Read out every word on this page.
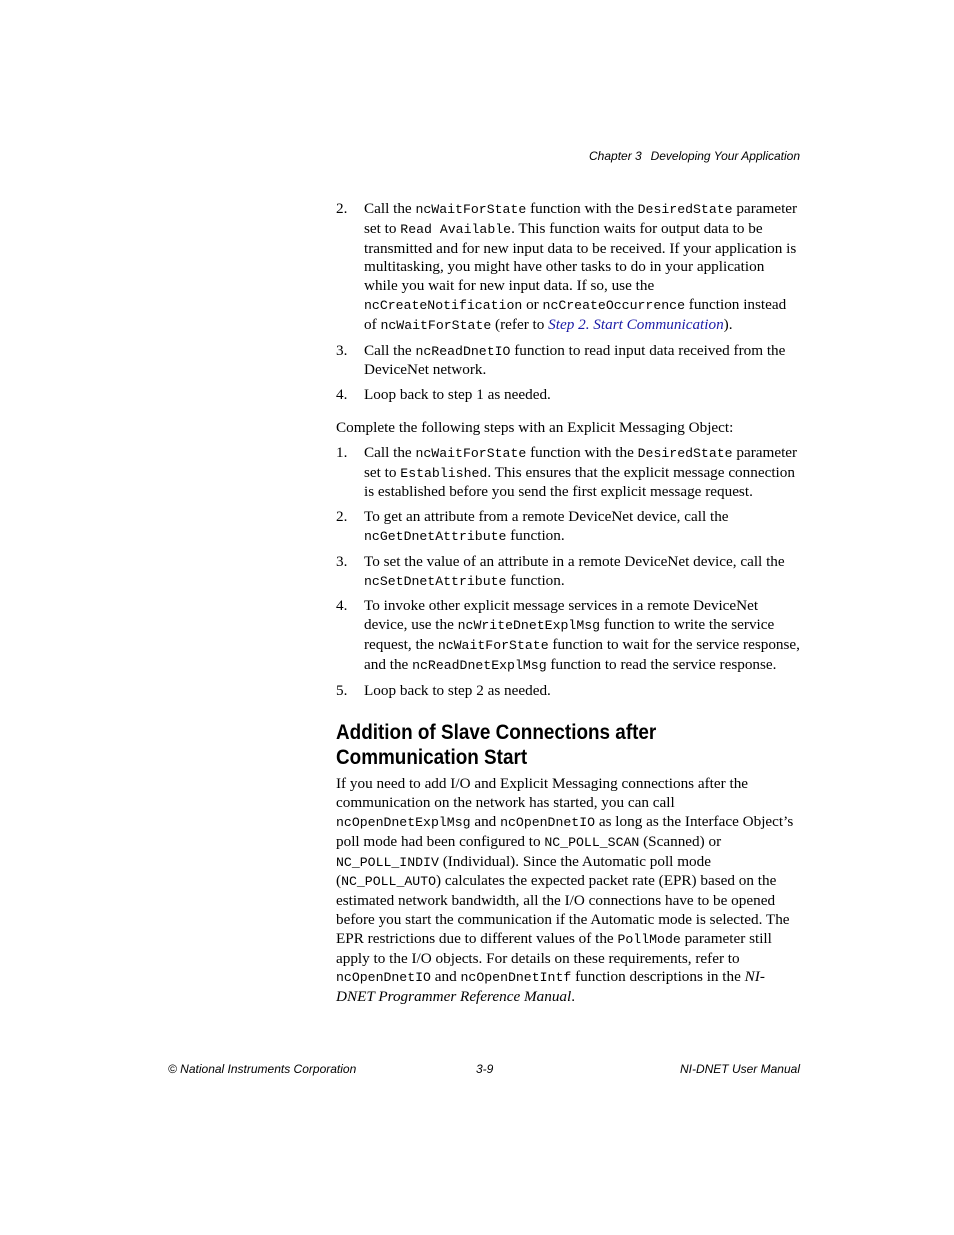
Chapter 3 Developing Your Application
2. Call the ncWaitForState function with the DesiredState parameter set to Read Available. This function waits for output data to be transmitted and for new input data to be received. If your application is multitasking, you might have other tasks to do in your application while you wait for new input data. If so, use the ncCreateNotification or ncCreateOccurrence function instead of ncWaitForState (refer to Step 2. Start Communication).
3. Call the ncReadDnetIO function to read input data received from the DeviceNet network.
4. Loop back to step 1 as needed.

Complete the following steps with an Explicit Messaging Object:

1. Call the ncWaitForState function with the DesiredState parameter set to Established. This ensures that the explicit message connection is established before you send the first explicit message request.
2. To get an attribute from a remote DeviceNet device, call the ncGetDnetAttribute function.
3. To set the value of an attribute in a remote DeviceNet device, call the ncSetDnetAttribute function.
4. To invoke other explicit message services in a remote DeviceNet device, use the ncWriteDnetExplMsg function to write the service request, the ncWaitForState function to wait for the service response, and the ncReadDnetExplMsg function to read the service response.
5. Loop back to step 2 as needed.
Addition of Slave Connections after
Communication Start

If you need to add I/O and Explicit Messaging connections after the communication on the network has started, you can call ncOpenDnetExplMsg and ncOpenDnetIO as long as the Interface Object’s poll mode had been configured to NC_POLL_SCAN (Scanned) or NC_POLL_INDIV (Individual). Since the Automatic poll mode (NC_POLL_AUTO) calculates the expected packet rate (EPR) based on the estimated network bandwidth, all the I/O connections have to be opened before you start the communication if the Automatic mode is selected. The EPR restrictions due to different values of the PollMode parameter still apply to the I/O objects. For details on these requirements, refer to ncOpenDnetIO and ncOpenDnetIntf function descriptions in the NI-DNET Programmer Reference Manual.

© National Instruments Corporation	3-9	NI-DNET User Manual
